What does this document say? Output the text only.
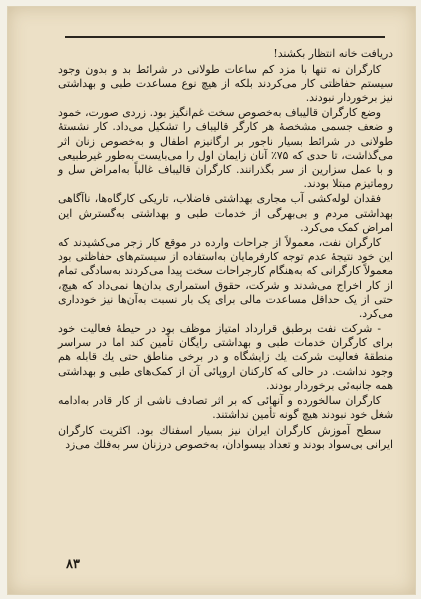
دریافت خانه انتظار بکشند!

کارگران نه تنها با مزد کم ساعات طولانی در شرائط بد و بدون وجود سیستم حفاظتی کار می‌کردند بلکه از هیچ نوع مساعدت طبی و بهداشتی نیز برخوردار نبودند.

وضع کارگران قالیباف به‌خصوص سخت غم‌انگیز بود. زردی صورت، خمود و ضعف جسمی مشخصهٔ هر کارگر قالیباف را تشکیل می‌داد. کار نشستهٔ طولانی در شرائط بسیار ناجور بر ارگانیزم اطفال و به‌خصوص زنان اثر می‌گذاشت، تا حدی که ۷۵٪ آنان زایمان اول را می‌بایست به‌طور غیرطبیعی و با عمل سزارین از سر بگذرانند. کارگران قالیباف غالباً به‌امراض سل و روماتیزم مبتلا بودند.

فقدان لوله‌کشی آب مجاری بهداشتی فاضلاب، تاریکی کارگاه‌ها، ناآگاهی بهداشتی مردم و بی‌بهرگی از خدمات طبی و بهداشتی به‌گسترش این امراض کمک می‌کرد.

کارگران نفت، معمولاً از جراحات وارده در موقع کار زجر می‌کشیدند که این خود نتیجهٔ عدم توجه کارفرمایان به‌استفاده از سیستم‌های حفاظتی بود معمولاً کارگرانی که به‌هنگام کارجراحات سخت پیدا می‌کردند به‌سادگی تمام از کار اخراج می‌شدند و شرکت، حقوق استمراری بدان‌ها نمی‌داد که هیچ، حتی از یک حداقل مساعدت مالی برای یک بار نسبت به‌آن‌ها نیز خودداری می‌کرد.

- شرکت نفت برطبق قرارداد امتیاز موظف بود در حیطهٔ فعالیت خود برای کارگران خدمات طبی و بهداشتی رایگان تأمین کند اما در سراسر منطقهٔ فعالیت شرکت یك زایشگاه و در برخی مناطق حتی یك قابله هم وجود نداشت. در حالی که کارکنان اروپائی آن از کمک‌های طبی و بهداشتی همه جانبه‌ئی برخوردار بودند.

کارگران سالخورده و آنهائی که بر اثر تصادف ناشی از کار قادر به‌ادامه شغل خود نبودند هیچ گونه تأمین نداشتند.

سطح آموزش کارگران ایران نیز بسیار اسفناك بود. اکثریت کارگران ایرانی بی‌سواد بودند و تعداد بیسوادان، به‌خصوص درزنان سر به‌فلك می‌زد

۸۳
